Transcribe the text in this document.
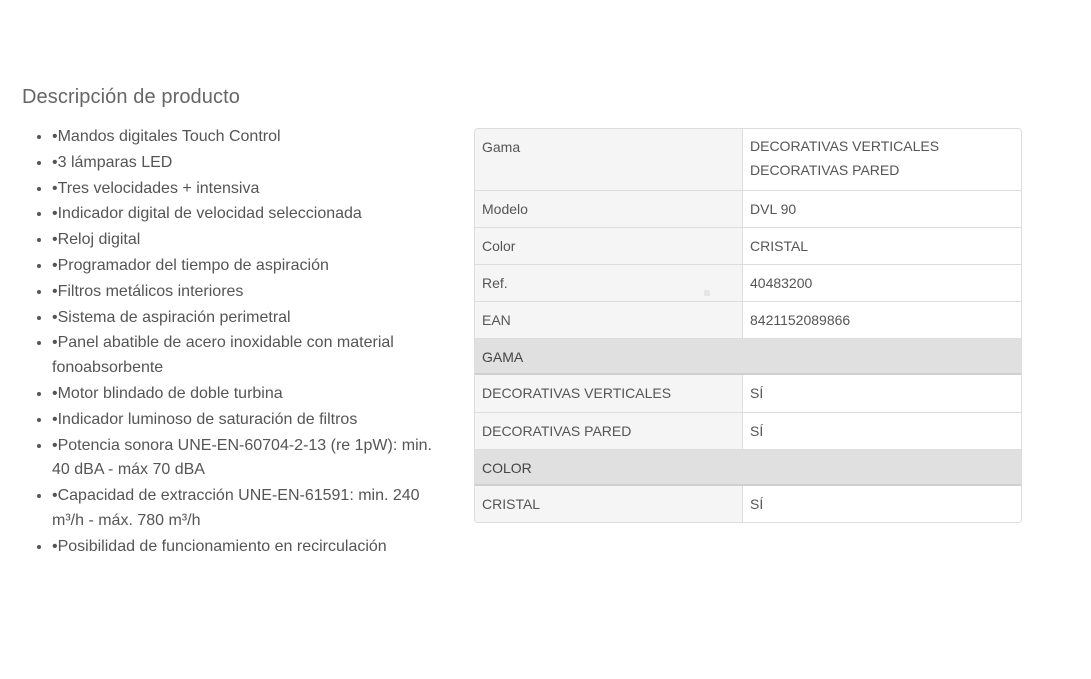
Descripción de producto
• •Mandos digitales Touch Control
• •3 lámparas LED
• •Tres velocidades + intensiva
• •Indicador digital de velocidad seleccionada
• •Reloj digital
• •Programador del tiempo de aspiración
• •Filtros metálicos interiores
• •Sistema de aspiración perimetral
• •Panel abatible de acero inoxidable con material fonoabsorbente
• •Motor blindado de doble turbina
• •Indicador luminoso de saturación de filtros
• •Potencia sonora UNE-EN-60704-2-13 (re 1pW): min. 40 dBA - máx 70 dBA
• •Capacidad de extracción UNE-EN-61591: min. 240 m³/h - máx. 780 m³/h
• •Posibilidad de funcionamiento en recirculación
Gama	DECORATIVAS VERTICALES
DECORATIVAS PARED
Modelo	DVL 90
Color	CRISTAL
Ref.	40483200
EAN	8421152089866
GAMA
DECORATIVAS VERTICALES	SÍ
DECORATIVAS PARED	SÍ
COLOR
CRISTAL	SÍ
